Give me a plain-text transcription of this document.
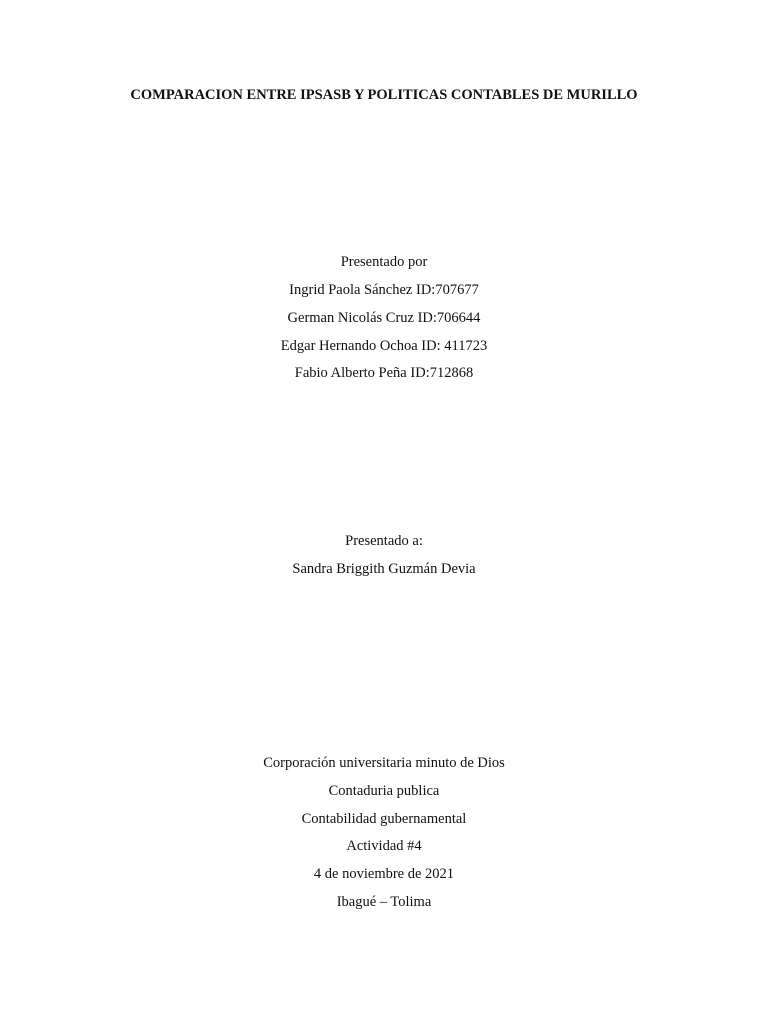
COMPARACION ENTRE IPSASB Y POLITICAS CONTABLES DE MURILLO
Presentado por
Ingrid Paola Sánchez ID:707677
German Nicolás Cruz ID:706644
Edgar Hernando Ochoa ID: 411723
Fabio Alberto Peña ID:712868
Presentado a:
Sandra Briggith Guzmán Devia
Corporación universitaria minuto de Dios
Contaduria publica
Contabilidad gubernamental
Actividad #4
4 de noviembre de 2021
Ibagué – Tolima
